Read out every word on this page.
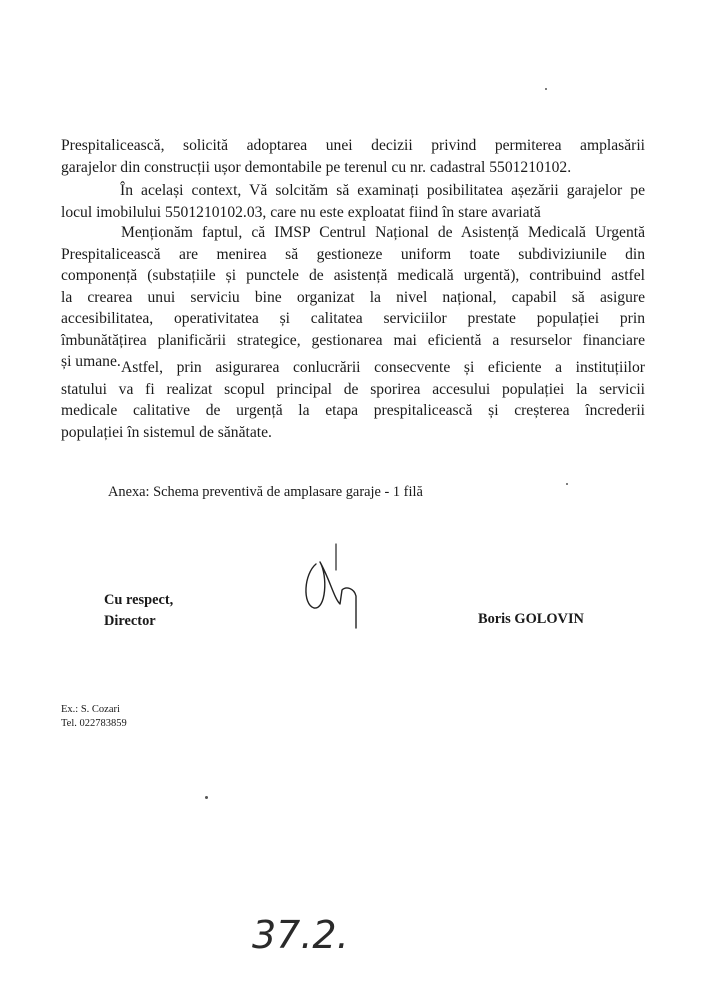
Prespitalicească, solicită adoptarea unei decizii privind permiterea amplasării
garajelor din construcții ușor demontabile pe terenul cu nr. cadastral 5501210102.
În același context, Vă solcităm să examinați posibilitatea așezării garajelor pe
locul imobilului 5501210102.03, care nu este exploatat fiind în stare avariată
Menționăm faptul, că IMSP Centrul Național de Asistență Medicală Urgentă
Prespitalicească are menirea să gestioneze uniform toate subdiviziunile din
componență (substațiile și punctele de asistență medicală urgentă), contribuind astfel
la crearea unui serviciu bine organizat la nivel național, capabil să asigure
accesibilitatea, operativitatea și calitatea serviciilor prestate populației prin
îmbunătățirea planificării strategice, gestionarea mai eficientă a resurselor financiare
și umane. Astfel, prin asigurarea conlucrării consecvente și eficiente a instituțiilor
statului va fi realizat scopul principal de sporirea accesului populației la servicii
medicale calitative de urgență la etapa prespitalicească și creșterea încrederii
populației în sistemul de sănătate.
Anexa: Schema preventivă de amplasare garaje - 1 filă
Cu respect,
Director	Boris GOLOVIN
Ex.: S. Cozari
Tel. 022783859
37.2.
